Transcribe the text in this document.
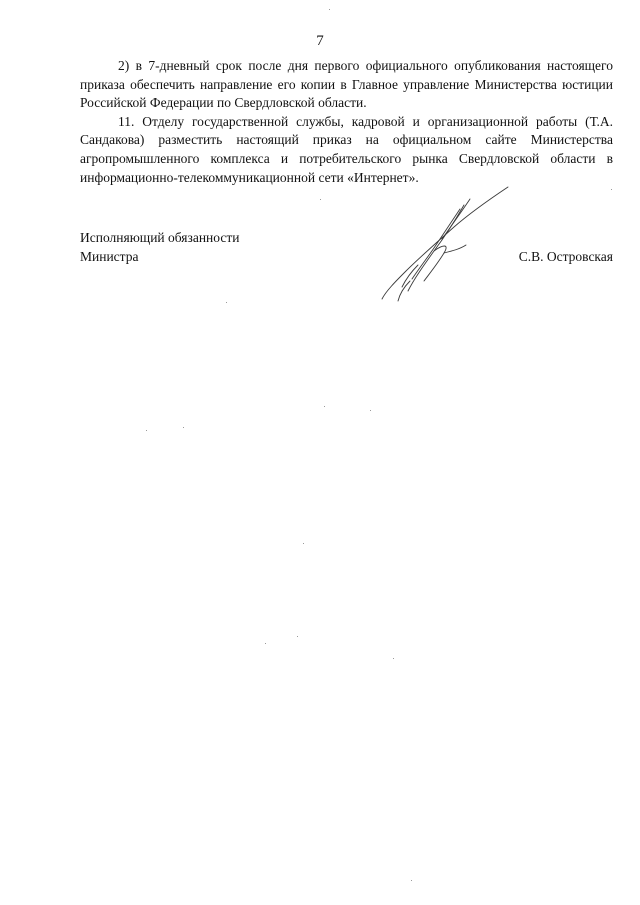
7

2) в 7-дневный срок после дня первого официального опубликования настоящего приказа обеспечить направление его копии в Главное управление Министерства юстиции Российской Федерации по Свердловской области.

11. Отделу государственной службы, кадровой и организационной работы (Т.А. Сандакова) разместить настоящий приказ на официальном сайте Министерства агропромышленного комплекса и потребительского рынка Свердловской области в информационно-телекоммуникационной сети «Интернет».

Исполняющий обязанности

Министра	С.В. Островская
